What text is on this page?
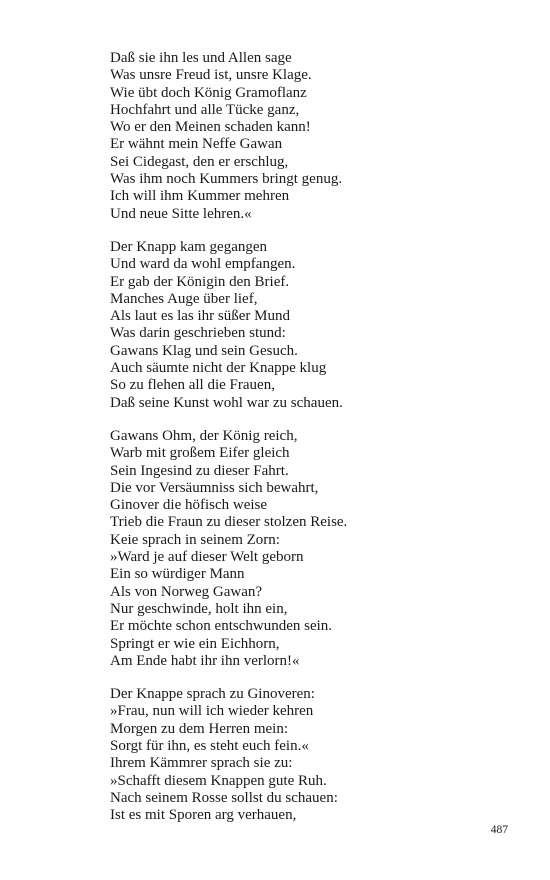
Daß sie ihn les und Allen sage
Was unsre Freud ist, unsre Klage.
Wie übt doch König Gramoflanz
Hochfahrt und alle Tücke ganz,
Wo er den Meinen schaden kann!
Er wähnt mein Neffe Gawan
Sei Cidegast, den er erschlug,
Was ihm noch Kummers bringt genug.
Ich will ihm Kummer mehren
Und neue Sitte lehren.«
Der Knapp kam gegangen
Und ward da wohl empfangen.
Er gab der Königin den Brief.
Manches Auge über lief,
Als laut es las ihr süßer Mund
Was darin geschrieben stund:
Gawans Klag und sein Gesuch.
Auch säumte nicht der Knappe klug
So zu flehen all die Frauen,
Daß seine Kunst wohl war zu schauen.
Gawans Ohm, der König reich,
Warb mit großem Eifer gleich
Sein Ingesind zu dieser Fahrt.
Die vor Versäumniss sich bewahrt,
Ginover die höfisch weise
Trieb die Fraun zu dieser stolzen Reise.
Keie sprach in seinem Zorn:
»Ward je auf dieser Welt geborn
Ein so würdiger Mann
Als von Norweg Gawan?
Nur geschwinde, holt ihn ein,
Er möchte schon entschwunden sein.
Springt er wie ein Eichhorn,
Am Ende habt ihr ihn verlorn!«
Der Knappe sprach zu Ginoveren:
»Frau, nun will ich wieder kehren
Morgen zu dem Herren mein:
Sorgt für ihn, es steht euch fein.«
Ihrem Kämmrer sprach sie zu:
»Schafft diesem Knappen gute Ruh.
Nach seinem Rosse sollst du schauen:
Ist es mit Sporen arg verhauen,
487
